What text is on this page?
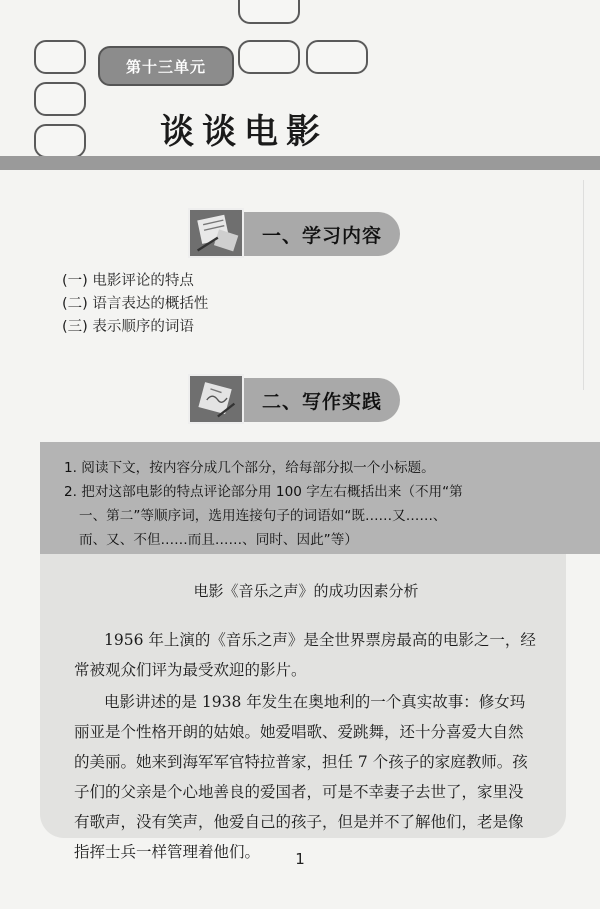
第十三单元
谈谈电影
一、学习内容
(一) 电影评论的特点
(二) 语言表达的概括性
(三) 表示顺序的词语
二、写作实践

1. 阅读下文，按内容分成几个部分，给每部分拟一个小标题。

2. 把对这部电影的特点评论部分用 100 字左右概括出来（不用“第

一、第二”等顺序词，选用连接句子的词语如“既……又……、

而、又、不但……而且……、同时、因此”等）

电影《音乐之声》的成功因素分析

1956 年上演的《音乐之声》是全世界票房最高的电影之一，经常被观众们评为最受欢迎的影片。

电影讲述的是 1938 年发生在奥地利的一个真实故事：修女玛丽亚是个性格开朗的姑娘。她爱唱歌、爱跳舞，还十分喜爱大自然的美丽。她来到海军军官特拉普家，担任 7 个孩子的家庭教师。孩子们的父亲是个心地善良的爱国者，可是不幸妻子去世了，家里没有歌声，没有笑声，他爱自己的孩子，但是并不了解他们，老是像指挥士兵一样管理着他们。	1
